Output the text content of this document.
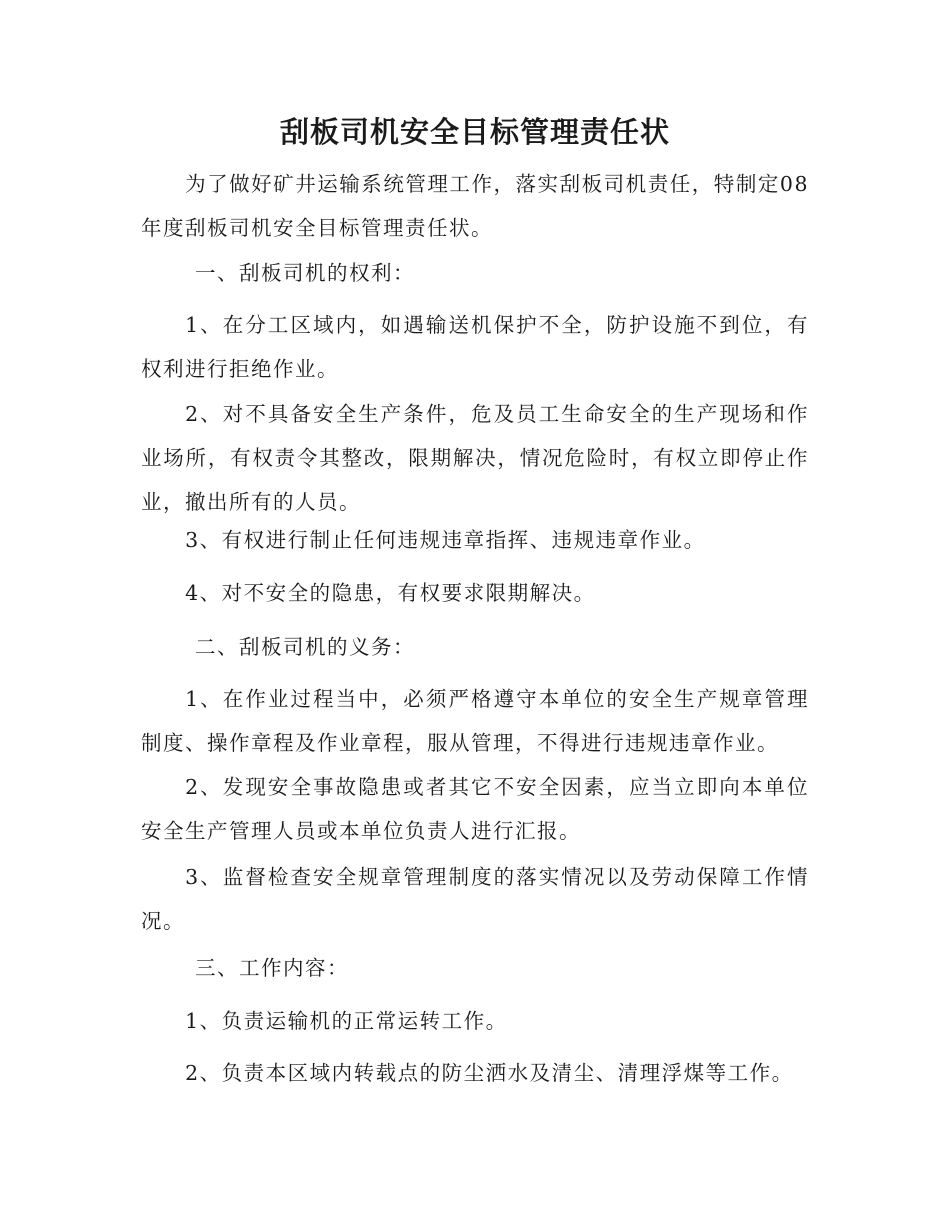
刮板司机安全目标管理责任状

为了做好矿井运输系统管理工作，落实刮板司机责任，特制定08年度刮板司机安全目标管理责任状。

一、刮板司机的权利：

1、在分工区域内，如遇输送机保护不全，防护设施不到位，有权利进行拒绝作业。

2、对不具备安全生产条件，危及员工生命安全的生产现场和作业场所，有权责令其整改，限期解决，情况危险时，有权立即停止作业，撤出所有的人员。

3、有权进行制止任何违规违章指挥、违规违章作业。

4、对不安全的隐患，有权要求限期解决。

二、刮板司机的义务：

1、在作业过程当中，必须严格遵守本单位的安全生产规章管理制度、操作章程及作业章程，服从管理，不得进行违规违章作业。

2、发现安全事故隐患或者其它不安全因素，应当立即向本单位安全生产管理人员或本单位负责人进行汇报。

3、监督检查安全规章管理制度的落实情况以及劳动保障工作情况。

三、工作内容：

1、负责运输机的正常运转工作。

2、负责本区域内转载点的防尘洒水及清尘、清理浮煤等工作。
